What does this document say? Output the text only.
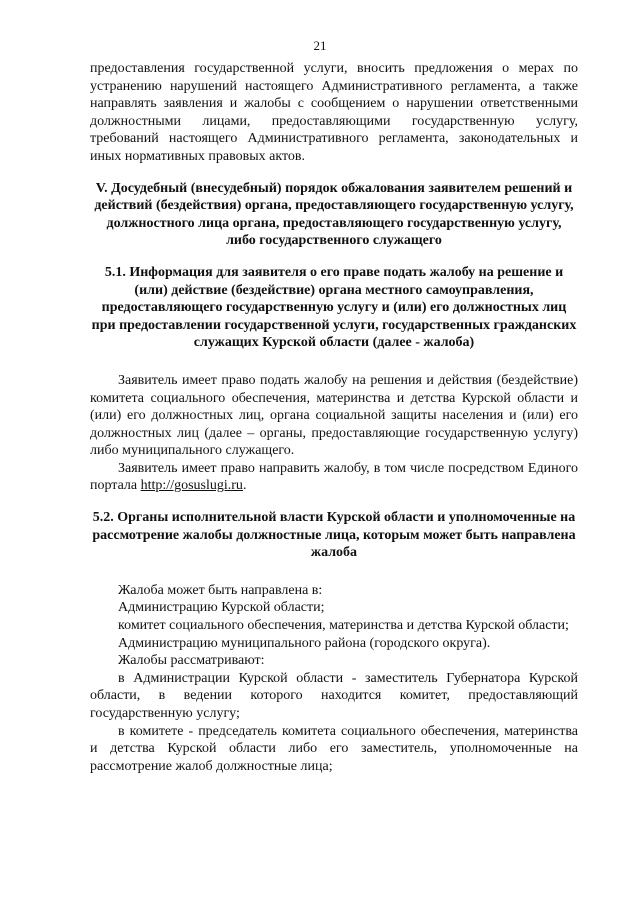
21

предоставления государственной услуги, вносить предложения о мерах по устранению нарушений настоящего Административного регламента, а также направлять заявления и жалобы с сообщением о нарушении ответственными должностными лицами, предоставляющими государственную услугу, требований настоящего Административного регламента, законодательных и иных нормативных правовых актов.

V. Досудебный (внесудебный) порядок обжалования заявителем решений и действий (бездействия) органа, предоставляющего государственную услугу, должностного лица органа, предоставляющего государственную услугу, либо государственного служащего

5.1. Информация для заявителя о его праве подать жалобу на решение и (или) действие (бездействие) органа местного самоуправления, предоставляющего государственную услугу и (или) его должностных лиц при предоставлении государственной услуги, государственных гражданских служащих Курской области (далее - жалоба)

Заявитель имеет право подать жалобу на решения и действия (бездействие) комитета социального обеспечения, материнства и детства Курской области и (или) его должностных лиц, органа социальной защиты населения и (или) его должностных лиц (далее – органы, предоставляющие государственную услугу) либо муниципального служащего.

Заявитель имеет право направить жалобу, в том числе посредством Единого портала http://gosuslugi.ru.

5.2. Органы исполнительной власти Курской области и уполномоченные на рассмотрение жалобы должностные лица, которым может быть направлена жалоба

Жалоба может быть направлена в:

Администрацию Курской области;

комитет социального обеспечения, материнства и детства Курской области;

Администрацию муниципального района (городского округа).

Жалобы рассматривают:

в Администрации Курской области - заместитель Губернатора Курской области, в ведении которого находится комитет, предоставляющий государственную услугу;

в комитете - председатель комитета социального обеспечения, материнства и детства Курской области либо его заместитель, уполномоченные на рассмотрение жалоб должностные лица;
